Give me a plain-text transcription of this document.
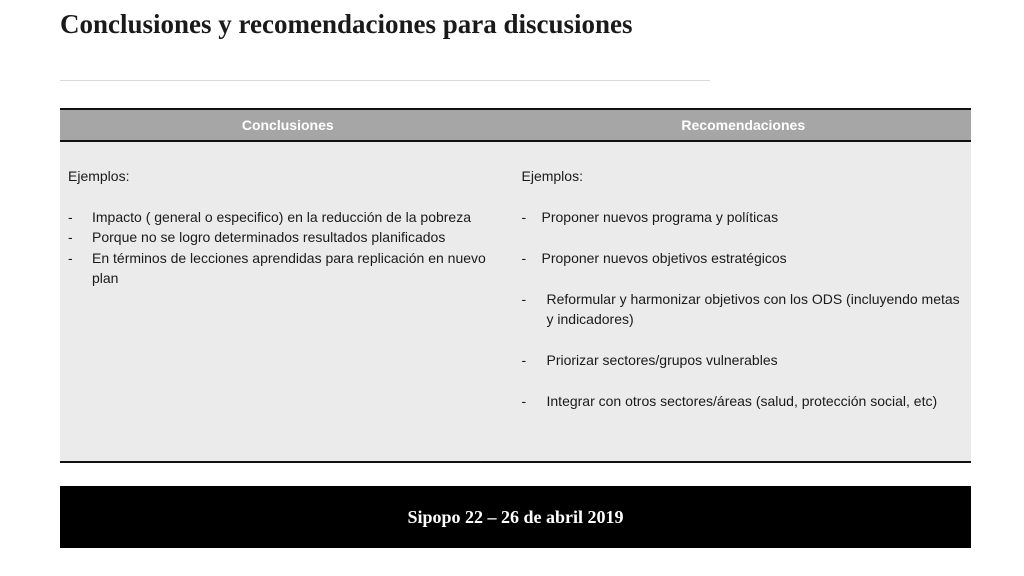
Conclusiones y recomendaciones para discusiones
Conclusiones	Recomendaciones

Ejemplos:

- Impacto ( general o especifico) en la reducción de la pobreza
- Porque no se logro determinados resultados planificados
- En términos de lecciones aprendidas para replicación en nuevo plan

Ejemplos:

- Proponer nuevos programa y políticas
- Proponer nuevos objetivos estratégicos
- Reformular y harmonizar objetivos con los ODS (incluyendo metas y indicadores)
- Priorizar sectores/grupos vulnerables
- Integrar con otros sectores/áreas (salud, protección social, etc)
Sipopo 22 – 26 de abril 2019
